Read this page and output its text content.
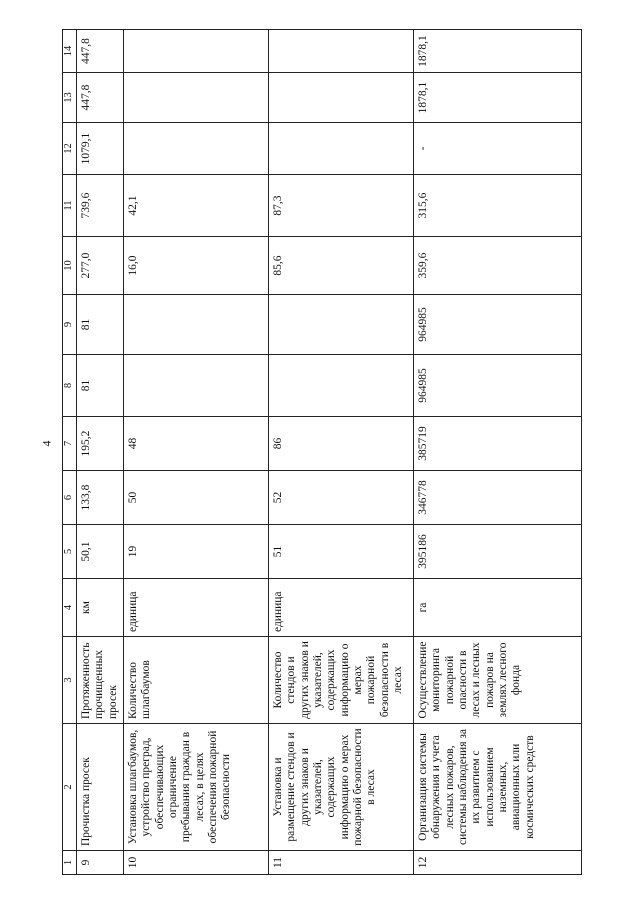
4
1	2	3	4	5	6	7	8	9	10	11	12	13	14
9	Прочистка просек	Протяженность прочищенных просек	км	50,1	133,8	195,2	81	81	277,0	739,6	1079,1	447,8	447,8
10	Установка шлагбаумов, устройство преград, обеспечивающих ограничение пребывания граждан в лесах, в целях обеспечения пожарной безопасности	Количество шлагбаумов	единица	19	50	48			16,0	42,1			
11	Установка и размещение стендов и других знаков и указателей, содержащих информацию о мерах пожарной безопасности в лесах	Количество стендов и других знаков и указателей, содержащих информацию о мерах пожарной безопасности в лесах	единица	51	52	86			85,6	87,3			
12	Организация системы обнаружения и учета лесных пожаров, системы наблюдения за их развитием с использованием наземных, авиационных или космических средств	Осуществление мониторинга пожарной опасности в лесах и лесных пожаров на землях лесного фонда	га	395186	346778	385719	964985	964985	359,6	315,6	-	1878,1	1878,1
